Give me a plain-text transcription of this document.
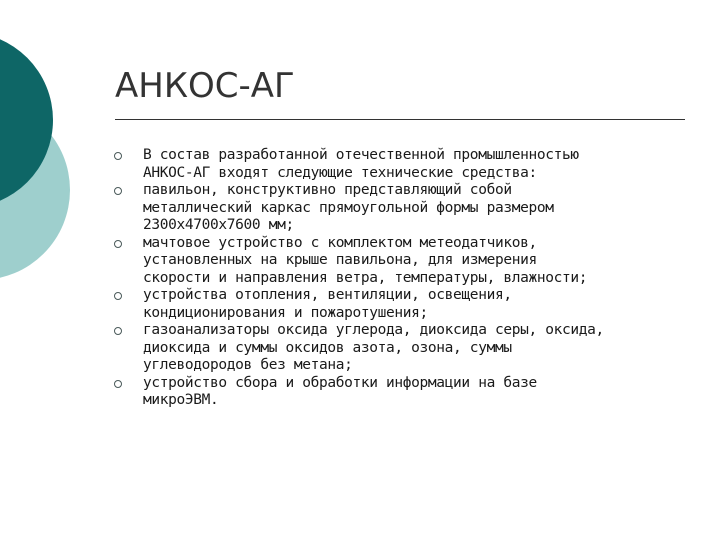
АНКОС-АГ
В состав разработанной отечественной промышленностью
АНКОС-АГ входят следующие технические средства:
павильон, конструктивно представляющий собой
металлический каркас прямоугольной формы размером
2300х4700х7600 мм;
мачтовое устройство с комплектом метеодатчиков,
установленных на крыше павильона, для измерения
скорости и направления ветра, температуры, влажности;
устройства отопления, вентиляции, освещения,
кондиционирования и пожаротушения;
газоанализаторы оксида углерода, диоксида серы, оксида,
диоксида и суммы оксидов азота, озона, суммы
углеводородов без метана;
устройство сбора и обработки информации на базе
микроЭВМ.
